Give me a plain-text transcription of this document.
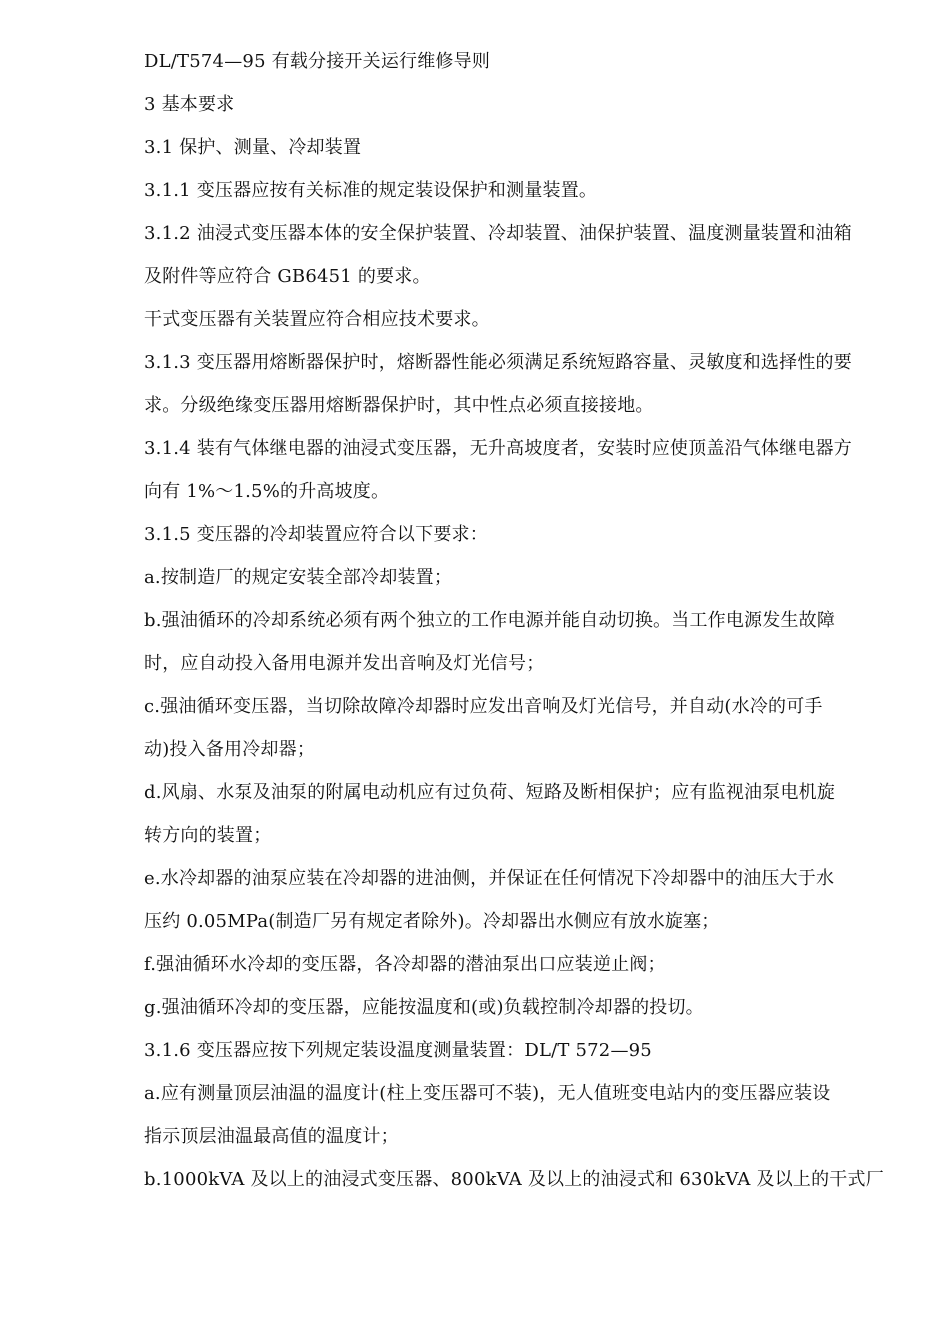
DL/T574—95 有载分接开关运行维修导则
3 基本要求
3.1 保护、测量、冷却装置
3.1.1 变压器应按有关标准的规定装设保护和测量装置。
3.1.2 油浸式变压器本体的安全保护装置、冷却装置、油保护装置、温度测量装置和油箱
及附件等应符合 GB6451 的要求。
干式变压器有关装置应符合相应技术要求。
3.1.3 变压器用熔断器保护时，熔断器性能必须满足系统短路容量、灵敏度和选择性的要
求。分级绝缘变压器用熔断器保护时，其中性点必须直接接地。
3.1.4 装有气体继电器的油浸式变压器，无升高坡度者，安装时应使顶盖沿气体继电器方
向有 1%～1.5%的升高坡度。
3.1.5 变压器的冷却装置应符合以下要求：
a.按制造厂的规定安装全部冷却装置；
b.强油循环的冷却系统必须有两个独立的工作电源并能自动切换。当工作电源发生故障
时，应自动投入备用电源并发出音响及灯光信号；
c.强油循环变压器，当切除故障冷却器时应发出音响及灯光信号，并自动(水冷的可手
动)投入备用冷却器；
d.风扇、水泵及油泵的附属电动机应有过负荷、短路及断相保护；应有监视油泵电机旋
转方向的装置；
e.水冷却器的油泵应装在冷却器的进油侧，并保证在任何情况下冷却器中的油压大于水
压约 0.05MPa(制造厂另有规定者除外)。冷却器出水侧应有放水旋塞；
f.强油循环水冷却的变压器，各冷却器的潜油泵出口应装逆止阀；
g.强油循环冷却的变压器，应能按温度和(或)负载控制冷却器的投切。
3.1.6 变压器应按下列规定装设温度测量装置：DL/T 572—95
a.应有测量顶层油温的温度计(柱上变压器可不装)，无人值班变电站内的变压器应装设
指示顶层油温最高值的温度计；
b.1000kVA 及以上的油浸式变压器、800kVA 及以上的油浸式和 630kVA 及以上的干式厂
